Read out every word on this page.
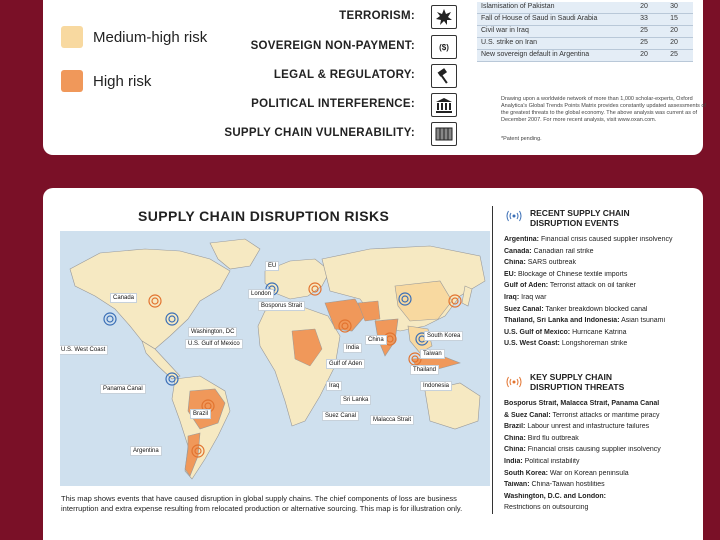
Medium-high risk
High risk
TERRORISM:
SOVEREIGN NON-PAYMENT:
LEGAL & REGULATORY:
POLITICAL INTERFERENCE:
SUPPLY CHAIN VULNERABILITY:
($)
Islamisation of Pakistan	20	30
Fall of House of Saud in Saudi Arabia	33	15
Civil war in Iraq	25	20
U.S. strike on Iran	25	20
New sovereign default in Argentina	20	25
Drawing upon a worldwide network of more than 1,000 scholar-experts, Oxford Analytica's Global Trends Points Matrix provides constantly updated assessments of the greatest threats to the global economy. The above analysis was current as of December 2007. For more recent analysis, visit www.oxan.com.
*Patent pending.
SUPPLY CHAIN DISRUPTION RISKS
EU
London
Bosporus Strait
Canada
Washington, DC
U.S. Gulf of Mexico
U.S. West Coast
China
South Korea
India
Taiwan
Gulf of Aden
Thailand
Iraq	Indonesia
Sri Lanka
Suez Canal
Malacca Strait
Panama Canal
Brazil
Argentina
This map shows events that have caused disruption in global supply chains. The chief components of loss are business interruption and extra expense resulting from relocated production or alternative sourcing. This map is for illustration only.
RECENT SUPPLY CHAIN
DISRUPTION EVENTS
Argentina: Financial crisis caused supplier insolvency
Canada: Canadian rail strike
China: SARS outbreak
EU: Blockage of Chinese textile imports
Gulf of Aden: Terrorist attack on oil tanker
Iraq: Iraq war
Suez Canal: Tanker breakdown blocked canal
Thailand, Sri Lanka and Indonesia: Asian tsunami
U.S. Gulf of Mexico: Hurricane Katrina
U.S. West Coast: Longshoreman strike
KEY SUPPLY CHAIN
DISRUPTION THREATS
Bosporus Strait, Malacca Strait, Panama Canal
& Suez Canal: Terrorist attacks or maritime piracy
Brazil: Labour unrest and infastructure failures
China: Bird flu outbreak
China: Financial crisis causing supplier insolvency
India: Political instability
South Korea: War on Korean peninsula
Taiwan: China-Taiwan hostilities
Washington, D.C. and London:
Restrictions on outsourcing
